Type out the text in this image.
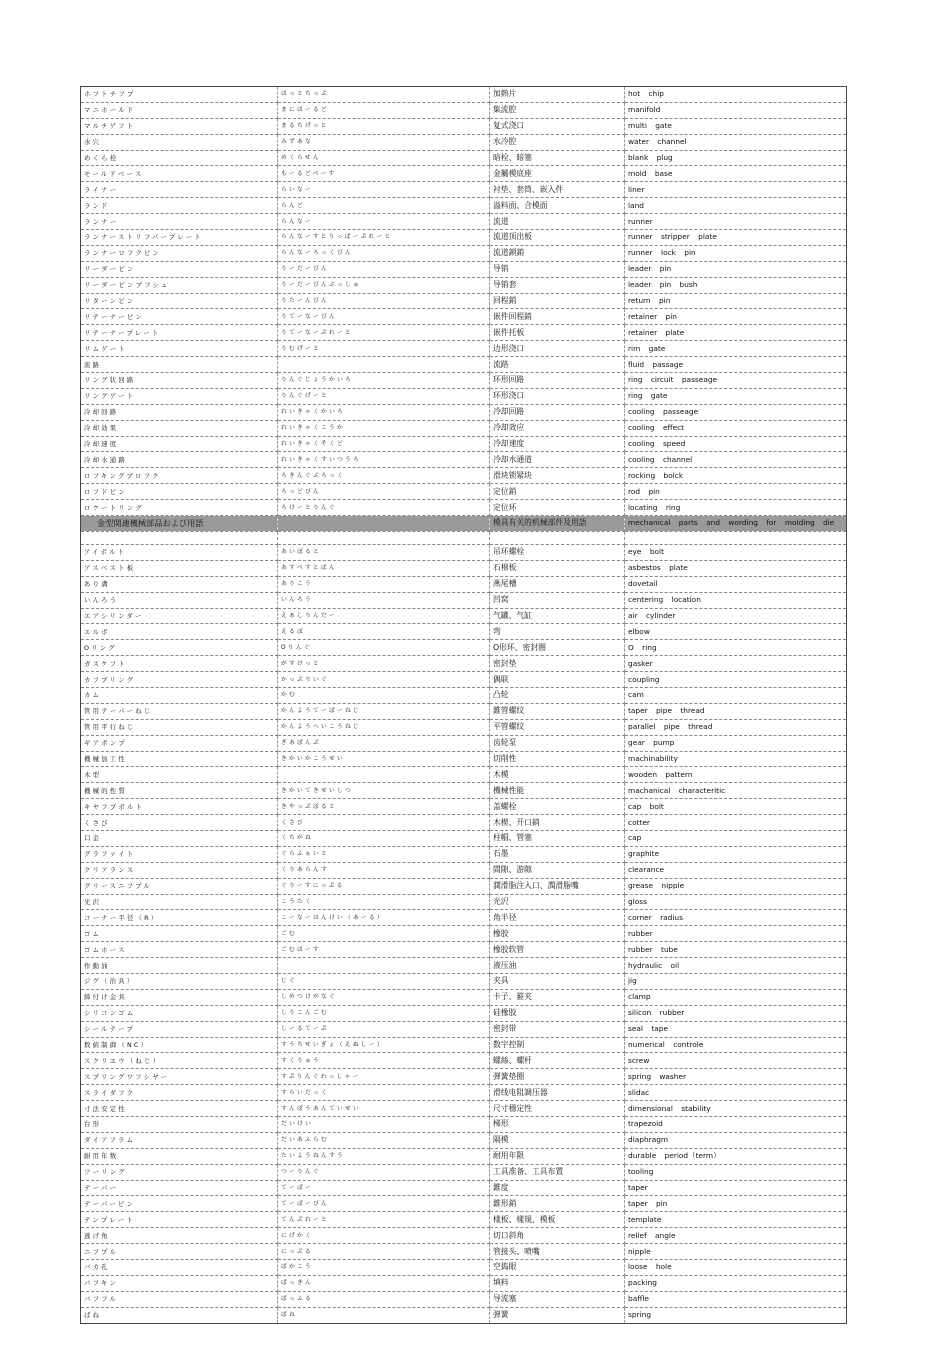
ホフトチフプ	ほっとちっぷ	加熱片	hot chip
マニホールド	まにほーるど	集流腔	manifold
マルチゲフト	まるちげっと	复式浇口	multi gate
水穴	みずあな	水冷腔	water channel
めくら栓	めくらせん	暗栓、暗塞	blank plug
モールドベース	もーるどべーす	金屬模底座	mold base
ライナー	らいなー	衬垫、套筒、嵌入件	liner
ランド	らんど	溢料面、合模面	land
ランナー	らんなー	流道	runner
ランナーストリフパープレート	らんなーすとりっぱーぷれーと	流道顶出板	runner stripper plate
ランナーロフクピン	らんなーろっくぴん	流道鎖銷	runner lock pin
リーダーピン	りーだーぴん	导销	leader pin
リーダーピンブフシュ	りーだーぴんぶっしゅ	导销套	leader pin bush
リターンピン	りたーんぴん	回程銷	return pin
リテーナーピン	りてーなーぴん	嵌件回程銷	retainer pin
リテーナープレート	りてーなーぷれーと	嵌件托板	retainer plate
リムゲート	りむげーと	边形浇口	rim gate
流路		流路	fluid passage
リング状回路	りんぐじょうかいろ	环形回路	ring circuit passeage
リングゲート	りんぐげーと	环形浇口	ring gate
冷却回路	れいきゃくかいろ	冷却回路	cooling passeage
冷却効果	れいきゃくこうか	冷却效应	cooling effect
冷却速度	れいきゃくそくど	冷却速度	cooling speed
冷却水通路	れいきゃくすいつうろ	冷却水通道	cooling channel
ロフキングブロフク	ろきんぐぶろっく	滑块锁紧块	rocking bolck
ロフドピン	ろっどぴん	定位銷	rod pin
ロケートリング	ろけーとりんぐ	定位环	locating ring
金型関連機械部品および用語		模具有关的机械部件及用語	mechanical parts and wording for molding die

アイボルト	あいぼると	吊环螺栓	eye bolt
アスベスト板	あすべすとばん	石棉板	asbestos plate
あり溝	ありこう	燕尾槽	dovetail
いんろう	いんろう	凹窝	centering location
エアシリンダー	えあしりんだー	气罐、气缸	air cylinder
エルボ	えるぼ	弯	elbow
Oリング	Oりんぐ	O形环、密封圈	O ring
ガスケフト	がすけっと	密封垫	gasker
カフプリング	かっぷりいぐ	偶联	coupling
カム	かむ	凸轮	cam
管用テーパーねじ	かんようてーぱーねじ	錐管螺纹	taper pipe thread
管用平行ねじ	かんようへいこうねじ	平管螺纹	parallel pipe thread
ギアポンプ	ぎあぽんぷ	齿轮泵	gear pump
機械加工性	きかいかこうせい	切削性	machinability
木型		木模	wooden pattern
機械的性質	きかいてきせいしつ	機械性能	machanical characteritic
キヤフプボルト	きやっぷぼると	盖螺栓	cap bolt
くさび	くさび	木楔、开口銷	cotter
口金	くちがね	柱帽、管塞	cap
グラファイト	ぐらふぁいと	石墨	graphite
クリアランス	くりあらんす	間隙、游隙	clearance
グリースニフプル	ぐりーすにっぷる	潤滑脂注入口、潤滑脂嘴	grease nipple
光沢	こうたく	光沢	gloss
コーナー半径（R）	こーなーはんけい（あーる）	角半径	corner radius
ゴム	ごむ	橡胶	rubber
ゴムホース	ごむほーす	橡胶软管	rubber tube
作動油		液压油	hydraulic oil
ジグ（治具）	じぐ	夹具	jig
締付け金具	しめつけがなぐ	卡子、箍夹	clamp
シリコンゴム	しりこんごむ	硅橡胶	silicon rubber
シールテープ	しーるてーぷ	密封带	seal tape
数値制御（NC）	すうちせいぎょ（えぬしー）	数字控制	numerical controle
スクリユウ（ねじ）	すくりゅう	螺絲、螺杆	screw
スプリングワフシヤー	すぷりんぐわっしゃー	弹簧垫圈	spring washer
スライダフク	すらいだっく	滑线电阻調压器	slidac
寸法安定性	すんぽうあんていせい	尺寸穩定性	dimensional stability
台形	だいけい	梯形	trapezoid
ダイアフラム	だいあふらむ	隔模	diaphragm
耐用年数	たいようねんすう	耐用年限	durable period（term）
ツーリング	つーりんぐ	工具准备、工具布置	tooling
テーパー	てーぱー	錐度	taper
テーパーピン	てーぱーぴん	錐形銷	taper pin
テンプレート	てんぷれーと	樣板、樣規、模板	template
逃げ角	にげかく	切口斜角	relief angle
ニフプル	にっぷる	管接头、喷嘴	nipple
バカ孔	ばかこう	空捣眼	loose hole
パフキン	ぱっきん	填料	packing
バフフル	ばっふる	导流塞	baffle
ばね	ばね	弹簧	spring
